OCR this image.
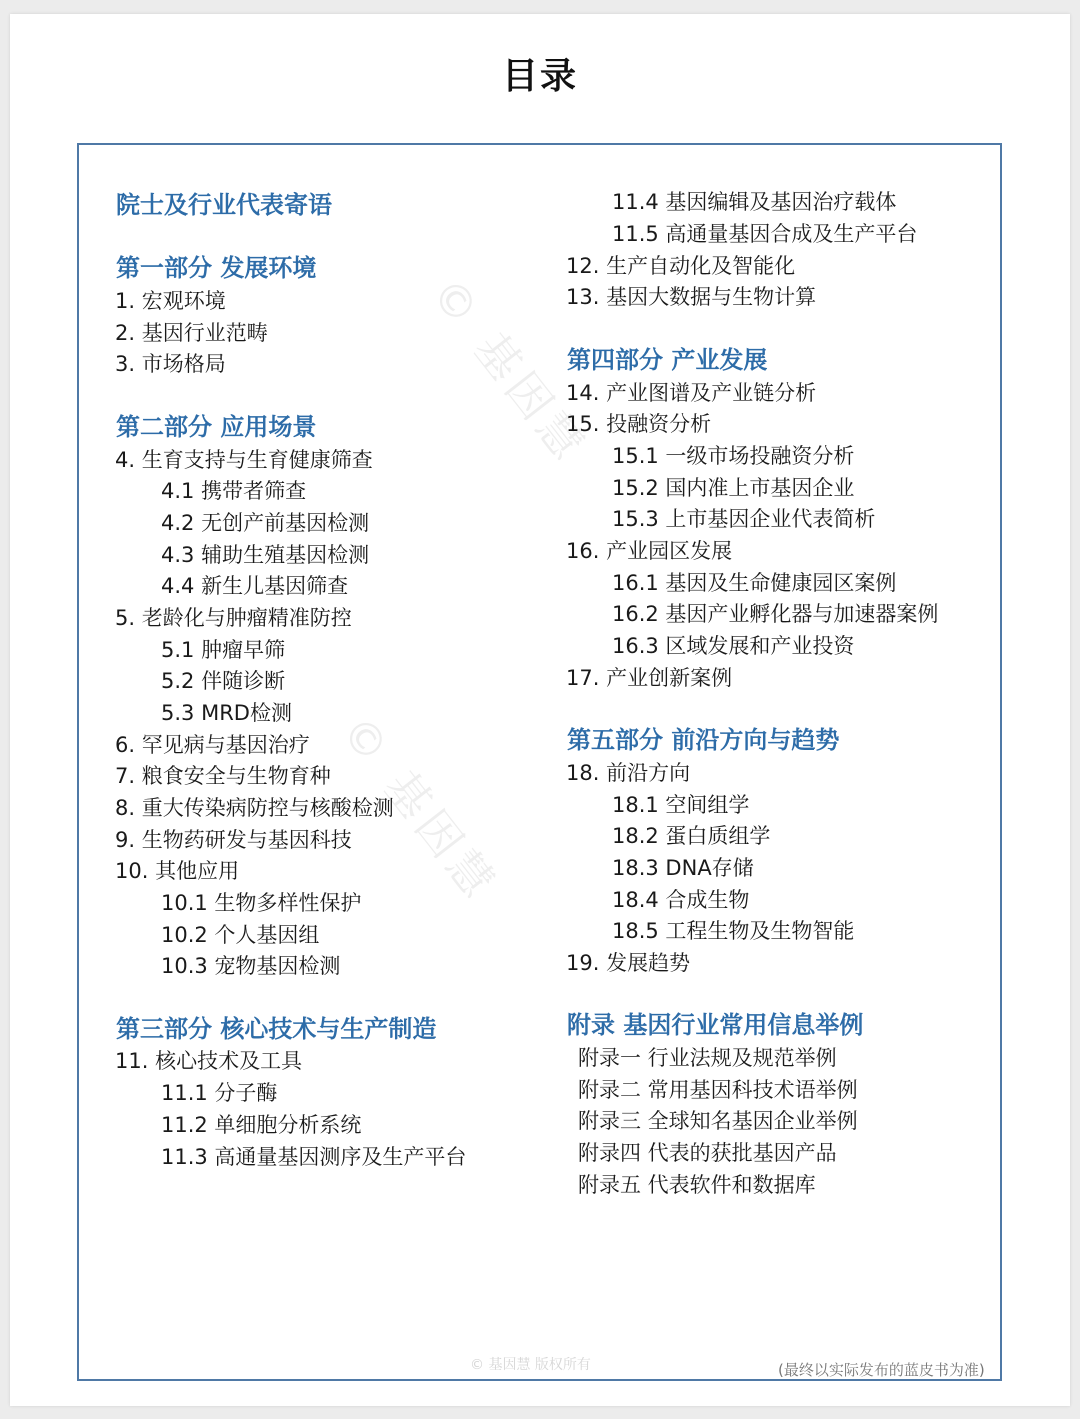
目录
© 基因慧
© 基因慧
院士及行业代表寄语
第一部分 发展环境
1. 宏观环境
2. 基因行业范畴
3. 市场格局
第二部分 应用场景
4. 生育支持与生育健康筛查
4.1 携带者筛查
4.2 无创产前基因检测
4.3 辅助生殖基因检测
4.4 新生儿基因筛查
5. 老龄化与肿瘤精准防控
5.1 肿瘤早筛
5.2 伴随诊断
5.3 MRD检测
6. 罕见病与基因治疗
7. 粮食安全与生物育种
8. 重大传染病防控与核酸检测
9. 生物药研发与基因科技
10. 其他应用
10.1 生物多样性保护
10.2 个人基因组
10.3 宠物基因检测
第三部分 核心技术与生产制造
11. 核心技术及工具
11.1 分子酶
11.2 单细胞分析系统
11.3 高通量基因测序及生产平台
11.4 基因编辑及基因治疗载体
11.5 高通量基因合成及生产平台
12. 生产自动化及智能化
13. 基因大数据与生物计算
第四部分 产业发展
14. 产业图谱及产业链分析
15. 投融资分析
15.1 一级市场投融资分析
15.2 国内准上市基因企业
15.3 上市基因企业代表简析
16. 产业园区发展
16.1 基因及生命健康园区案例
16.2 基因产业孵化器与加速器案例
16.3 区域发展和产业投资
17. 产业创新案例
第五部分 前沿方向与趋势
18. 前沿方向
18.1 空间组学
18.2 蛋白质组学
18.3 DNA存储
18.4 合成生物
18.5 工程生物及生物智能
19. 发展趋势
附录 基因行业常用信息举例
附录一 行业法规及规范举例
附录二 常用基因科技术语举例
附录三 全球知名基因企业举例
附录四 代表的获批基因产品
附录五 代表软件和数据库
© 基因慧 版权所有	(最终以实际发布的蓝皮书为准)
